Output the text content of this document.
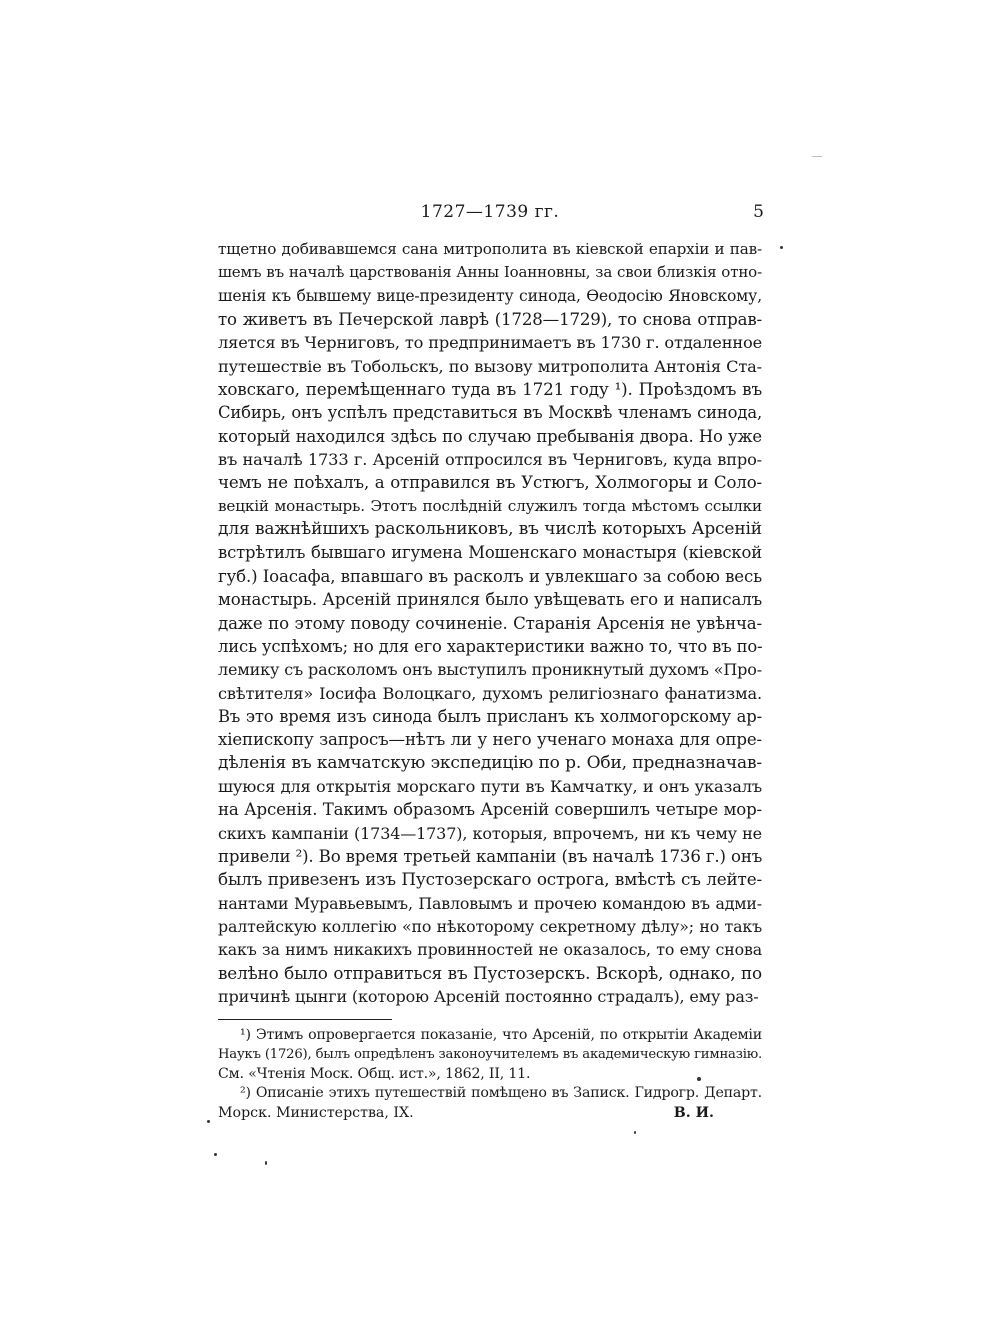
1727—1739 гг.	5
тщетно добивавшемся сана митрополита въ кіевской епархіи и пав-
шемъ въ началѣ царствованія Анны Іоанновны, за свои близкія отно-
шенія къ бывшему вице-президенту синода, Ѳеодосію Яновскому,
то живетъ въ Печерской лаврѣ (1728—1729), то снова отправ-
ляется въ Черниговъ, то предпринимаетъ въ 1730 г. отдаленное
путешествіе въ Тобольскъ, по вызову митрополита Антонія Ста-
ховскаго, перемѣщеннаго туда въ 1721 году ¹). Проѣздомъ въ
Сибирь, онъ успѣлъ представиться въ Москвѣ членамъ синода,
который находился здѣсь по случаю пребыванія двора. Но уже
въ началѣ 1733 г. Арсеній отпросился въ Черниговъ, куда впро-
чемъ не поѣхалъ, а отправился въ Устюгъ, Холмогоры и Соло-
вецкій монастырь. Этотъ послѣдній служилъ тогда мѣстомъ ссылки
для важнѣйшихъ раскольниковъ, въ числѣ которыхъ Арсеній
встрѣтилъ бывшаго игумена Мошенскаго монастыря (кіевской
губ.) Іоасафа, впавшаго въ расколъ и увлекшаго за собою весь
монастырь. Арсеній принялся было увѣщевать его и написалъ
даже по этому поводу сочиненіе. Старанія Арсенія не увѣнча-
лись успѣхомъ; но для его характеристики важно то, что въ по-
лемику съ расколомъ онъ выступилъ проникнутый духомъ «Про-
свѣтителя» Іосифа Волоцкаго, духомъ религіознаго фанатизма.
Въ это время изъ синода былъ присланъ къ холмогорскому ар-
хіепископу запросъ—нѣтъ ли у него ученаго монаха для опре-
дѣленія въ камчатскую экспедицію по р. Оби, предназначав-
шуюся для открытія морскаго пути въ Камчатку, и онъ указалъ
на Арсенія. Такимъ образомъ Арсеній совершилъ четыре мор-
скихъ кампаніи (1734—1737), которыя, впрочемъ, ни къ чему не
привели ²). Во время третьей кампаніи (въ началѣ 1736 г.) онъ
былъ привезенъ изъ Пустозерскаго острога, вмѣстѣ съ лейте-
нантами Муравьевымъ, Павловымъ и прочею командою въ адми-
ралтейскую коллегію «по нѣкоторому секретному дѣлу»; но такъ
какъ за нимъ никакихъ провинностей не оказалось, то ему снова
велѣно было отправиться въ Пустозерскъ. Вскорѣ, однако, по
причинѣ цынги (которою Арсеній постоянно страдалъ), ему раз-
¹) Этимъ опровергается показаніе, что Арсеній, по открытіи Академіи
Наукъ (1726), былъ опредѣленъ законоучителемъ въ академическую гимназію.
См. «Чтенія Моск. Общ. ист.», 1862, II, 11.
²) Описаніе этихъ путешествій помѣщено въ Записк. Гидрогр. Департ.
Морск. Министерства, IX.	В. И.
